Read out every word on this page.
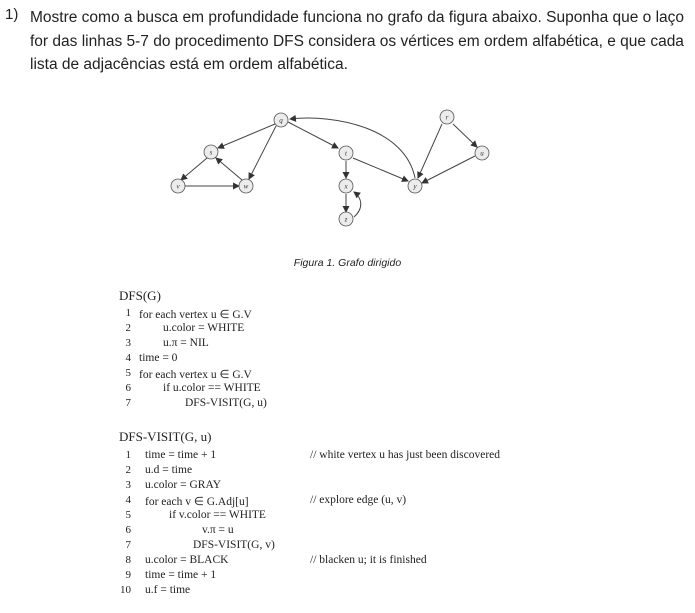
1) Mostre como a busca em profundidade funciona no grafo da figura abaixo. Suponha que o laço for das linhas 5-7 do procedimento DFS considera os vértices em ordem alfabética, e que cada lista de adjacências está em ordem alfabética.
q
s
v	w
t
x
z
y
r
u
Figura 1. Grafo dirigido
DFS(G)
1 for each vertex u ∈ G.V
2	u.color = WHITE
3	u.π = NIL
4 time = 0
5 for each vertex u ∈ G.V
6	if u.color == WHITE
7	DFS-VISIT(G, u)
DFS-VISIT(G, u)
1 time = time + 1	// white vertex u has just been discovered
2 u.d = time
3 u.color = GRAY
4 for each v ∈ G.Adj[u]	// explore edge (u, v)
5	if v.color == WHITE
6	v.π = u
7	DFS-VISIT(G, v)
8 u.color = BLACK	// blacken u; it is finished
9 time = time + 1
10 u.f = time
